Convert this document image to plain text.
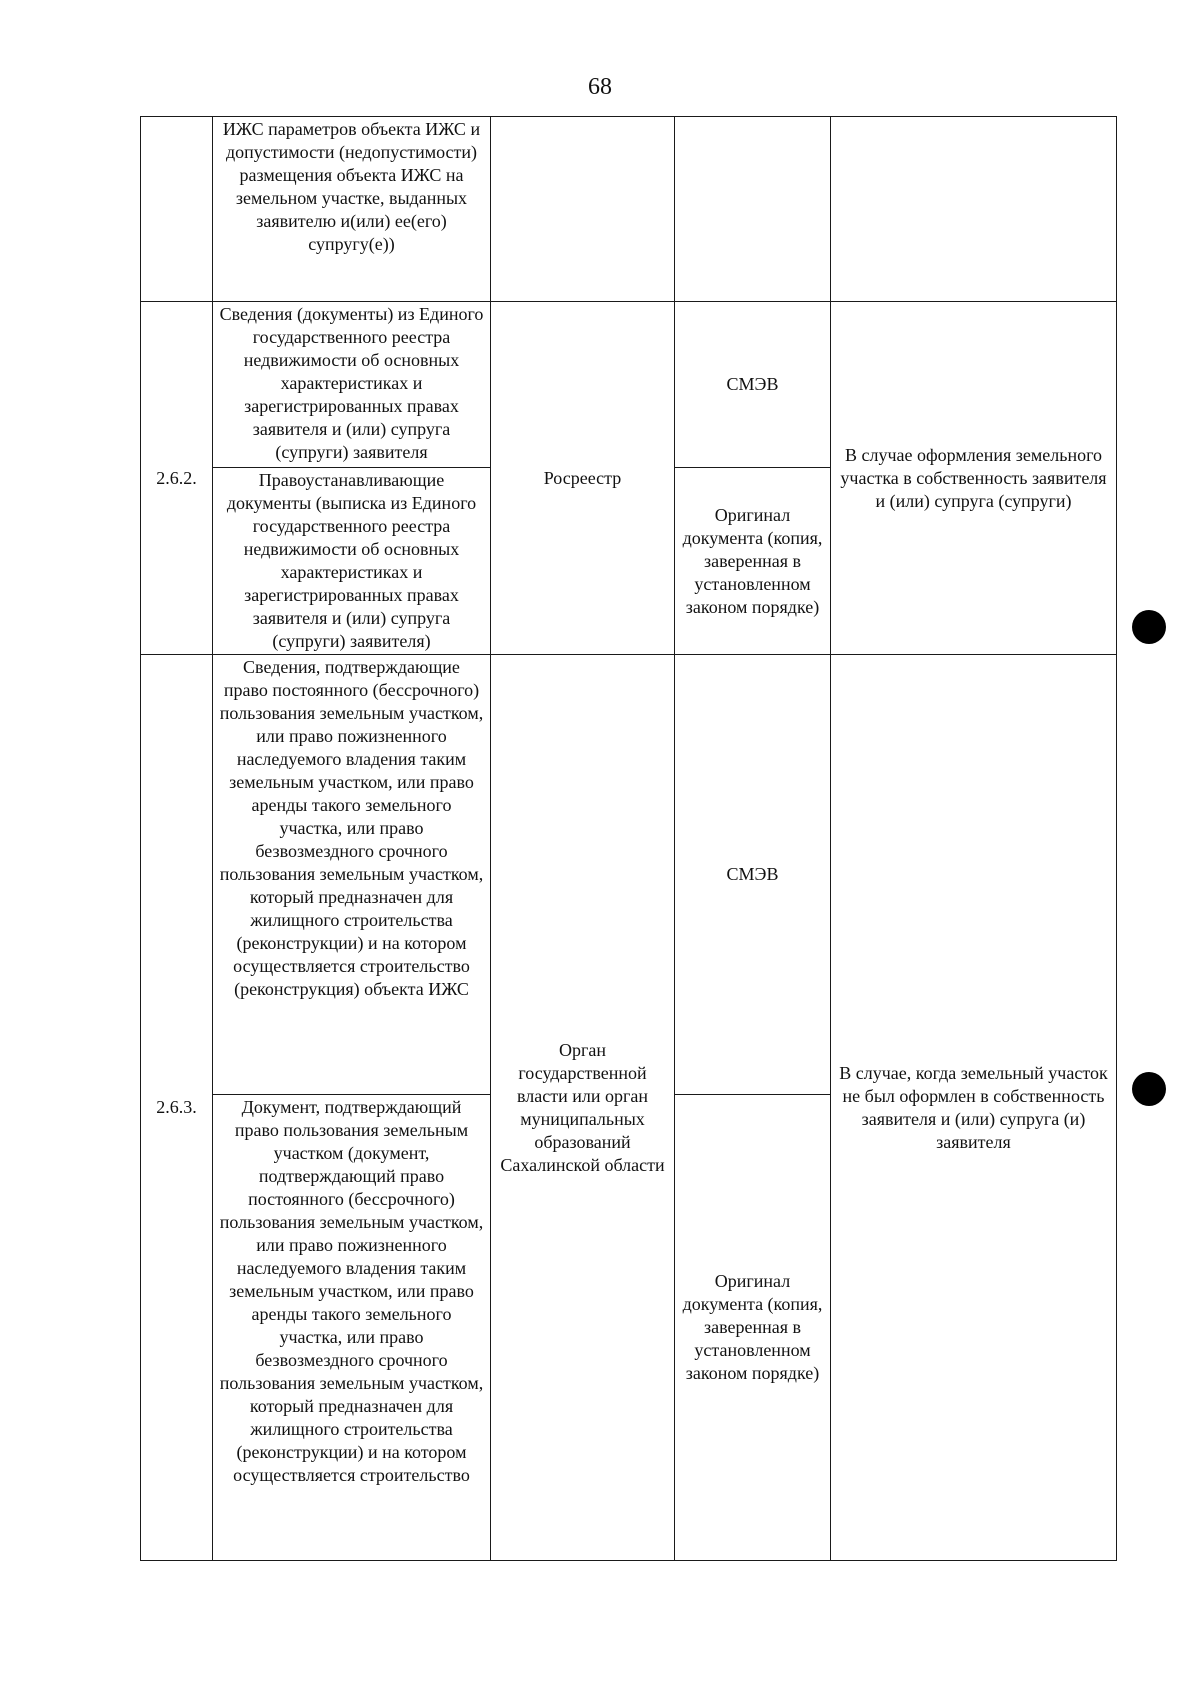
68

	ИЖС параметров объекта ИЖС и допустимости (недопустимости) размещения объекта ИЖС на земельном участке, выданных заявителю и(или) ее(его) супругу(е))			

2.6.2.	Сведения (документы) из Единого государственного реестра недвижимости об основных характеристиках и зарегистрированных правах заявителя и (или) супруга (супруги) заявителя	Росреестр	СМЭВ	В случае оформления земельного участка в собственность заявителя и (или) супруга (супруги)

	Правоустанавливающие документы (выписка из Единого государственного реестра недвижимости об основных характеристиках и зарегистрированных правах заявителя и (или) супруга (супруги) заявителя)		Оригинал документа (копия, заверенная в установленном законом порядке)	

2.6.3.	Сведения, подтверждающие право постоянного (бессрочного) пользования земельным участком, или право пожизненного наследуемого владения таким земельным участком, или право аренды такого земельного участка, или право безвозмездного срочного пользования земельным участком, который предназначен для жилищного строительства (реконструкции) и на котором осуществляется строительство (реконструкция) объекта ИЖС	Орган государственной власти или орган муниципальных образований Сахалинской области	СМЭВ	В случае, когда земельный участок не был оформлен в собственность заявителя и (или) супруга (и) заявителя

	Документ, подтверждающий право пользования земельным участком (документ, подтверждающий право постоянного (бессрочного) пользования земельным участком, или право пожизненного наследуемого владения таким земельным участком, или право аренды такого земельного участка, или право безвозмездного срочного пользования земельным участком, который предназначен для жилищного строительства (реконструкции) и на котором осуществляется строительство		Оригинал документа (копия, заверенная в установленном законом порядке)	
